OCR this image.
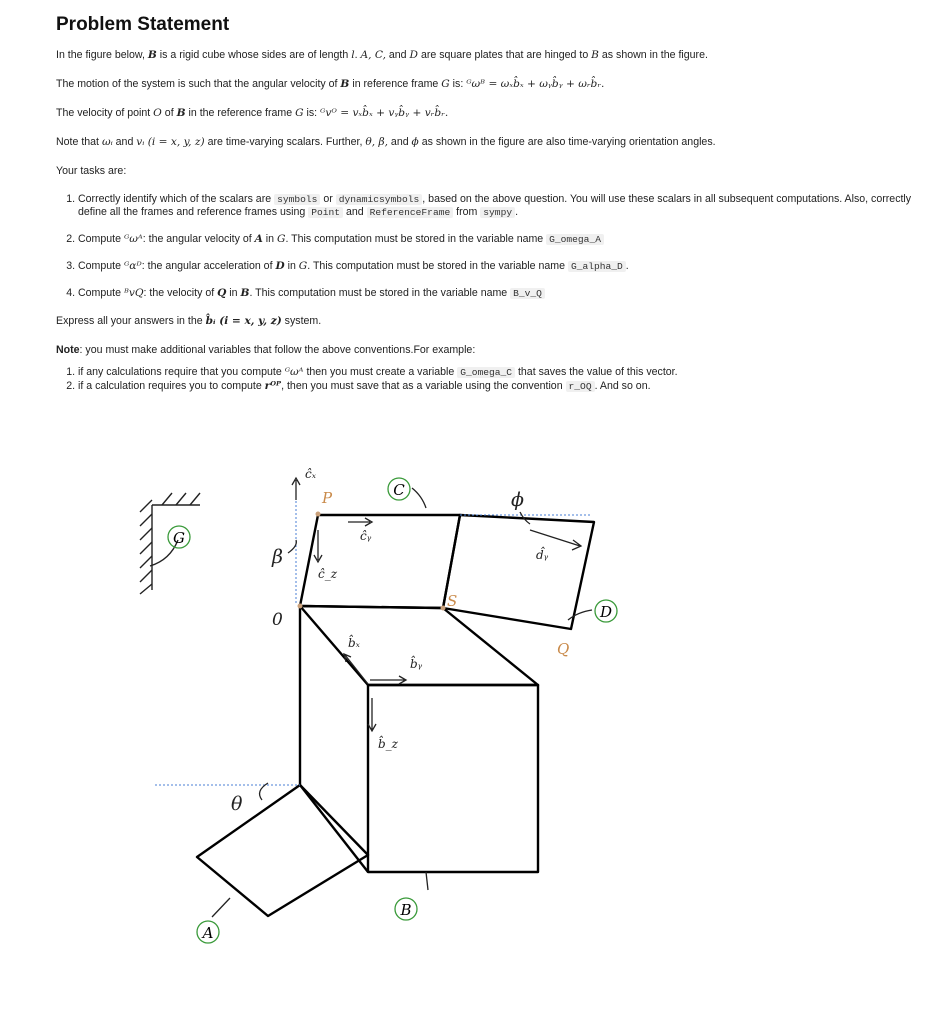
Problem Statement

In the figure below, B is a rigid cube whose sides are of length l. A, C, and D are square plates that are hinged to B as shown in the figure.

The motion of the system is such that the angular velocity of B in reference frame G is: ᴳωᴮ = ωₓb̂ₓ + ωᵧb̂ᵧ + ωᵣb̂ᵣ.

The velocity of point O of B in the reference frame G is: ᴳvᴼ = vₓb̂ₓ + vᵧb̂ᵧ + vᵣb̂ᵣ.

Note that ωᵢ and vᵢ (i = x, y, z) are time-varying scalars. Further, θ, β, and ϕ as shown in the figure are also time-varying orientation angles.

Your tasks are:

1. Correctly identify which of the scalars are symbols or dynamicsymbols , based on the above question. You will use these scalars in all subsequent computations. Also, correctly define all the frames and reference frames using Point and ReferenceFrame from sympy .
2. Compute ᴳωᴬ: the angular velocity of A in G. This computation must be stored in the variable name G_omega_A
3. Compute ᴳαᴰ: the angular acceleration of D in G. This computation must be stored in the variable name G_alpha_D .
4. Compute ᴮvQ: the velocity of Q in B. This computation must be stored in the variable name B_v_Q

Express all your answers in the b̂ᵢ (i = x, y, z) system.

Note: you must make additional variables that follow the above conventions.For example:

1. if any calculations require that you compute ᴳωᴬ then you must create a variable G_omega_C that saves the value of this vector.
2. if a calculation requires you to compute rᴼᴾ, then you must save that as a variable using the convention r_OQ . And so on.
G
C
D
A
B
P
S
Q
0
β
θ
ϕ
ĉₓ
ĉᵧ
ĉ_z
d̂ᵧ
b̂ₓ
b̂ᵧ
b̂_z
